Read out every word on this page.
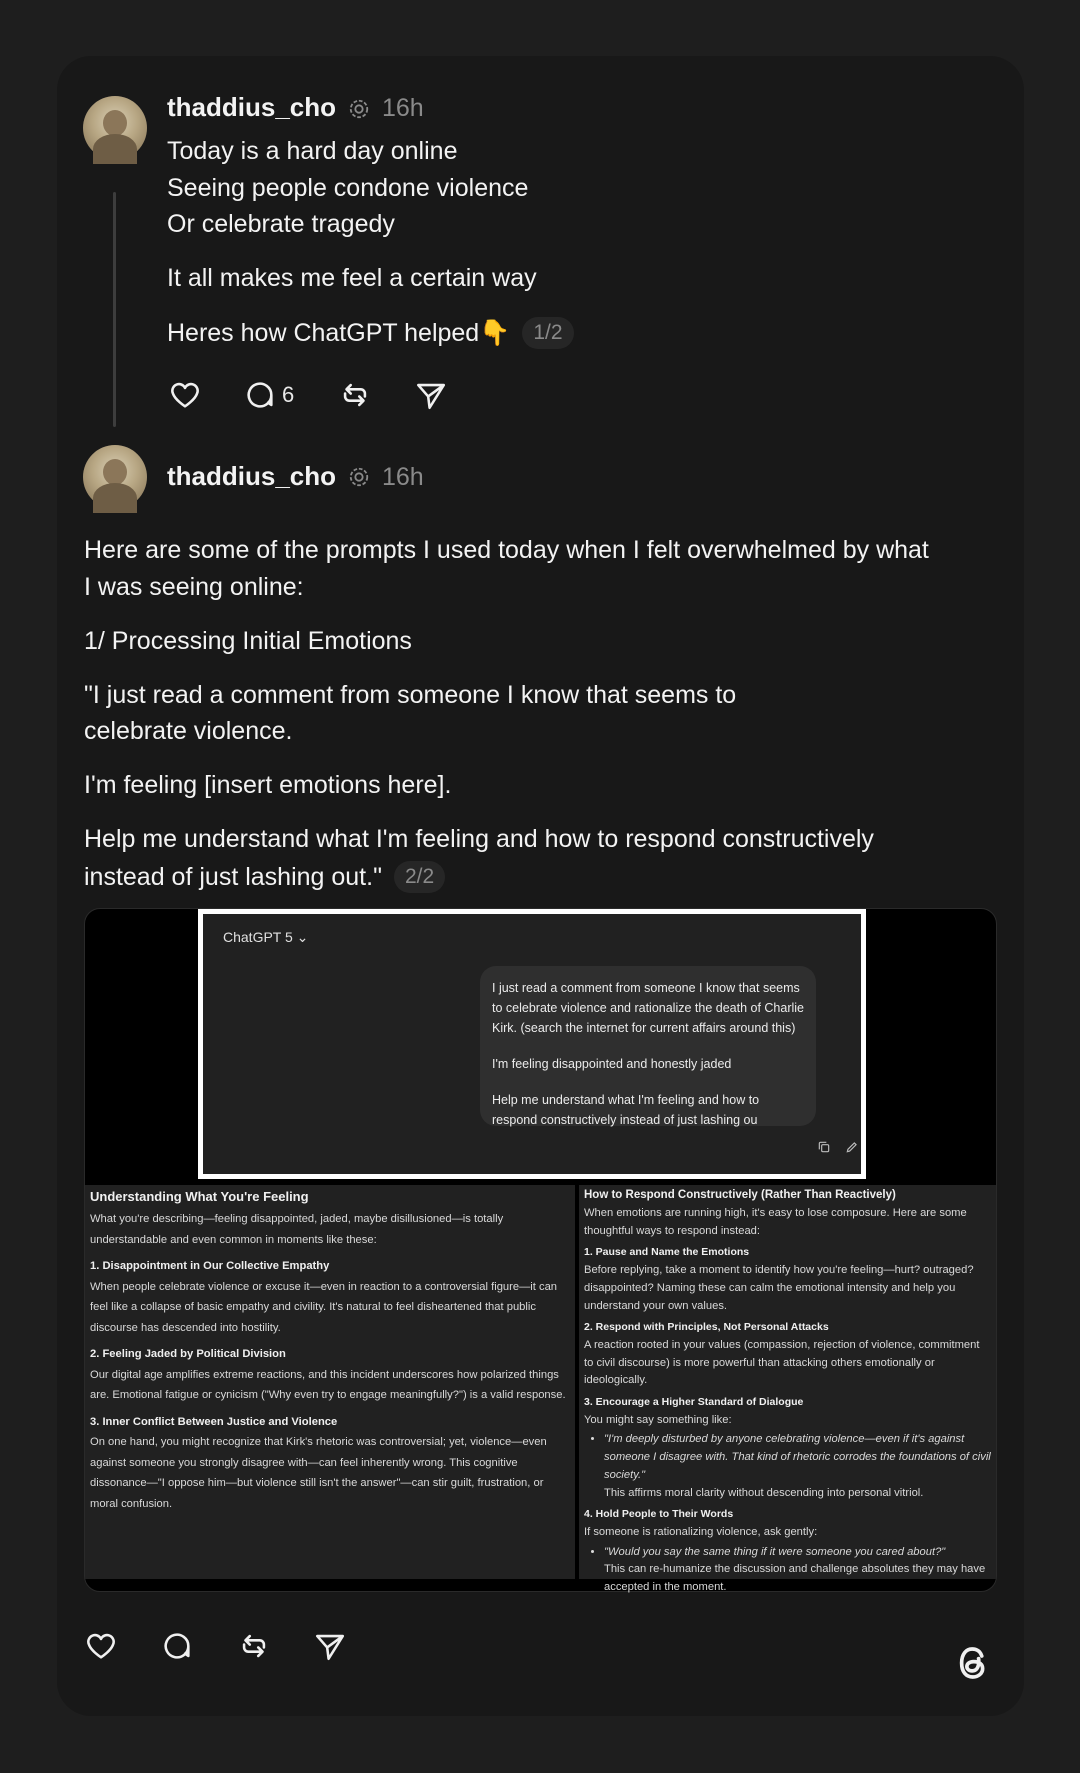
thaddius_cho 16h
Today is a hard day online
Seeing people condone violence
Or celebrate tragedy
It all makes me feel a certain way
Heres how ChatGPT helped👇 1/2
6
thaddius_cho 16h
Here are some of the prompts I used today when I felt overwhelmed by what
I was seeing online:
1/ Processing Initial Emotions
"I just read a comment from someone I know that seems to
celebrate violence.
I'm feeling [insert emotions here].
Help me understand what I'm feeling and how to respond constructively
instead of just lashing out." 2/2
ChatGPT 5 ⌄

I just read a comment from someone I know that seems to celebrate violence and rationalize the death of Charlie Kirk. (search the internet for current affairs around this)

I'm feeling disappointed and honestly jaded

Help me understand what I'm feeling and how to respond constructively instead of just lashing ou

Understanding What You're Feeling
What you're describing—feeling disappointed, jaded, maybe disillusioned—is totally understandable and even common in moments like these:
1. Disappointment in Our Collective Empathy
When people celebrate violence or excuse it—even in reaction to a controversial figure—it can feel like a collapse of basic empathy and civility. It's natural to feel disheartened that public discourse has descended into hostility.
2. Feeling Jaded by Political Division
Our digital age amplifies extreme reactions, and this incident underscores how polarized things are. Emotional fatigue or cynicism ("Why even try to engage meaningfully?") is a valid response.
3. Inner Conflict Between Justice and Violence
On one hand, you might recognize that Kirk's rhetoric was controversial; yet, violence—even against someone you strongly disagree with—can feel inherently wrong. This cognitive dissonance—"I oppose him—but violence still isn't the answer"—can stir guilt, frustration, or moral confusion.
How to Respond Constructively (Rather Than Reactively)
When emotions are running high, it's easy to lose composure. Here are some thoughtful ways to respond instead:
1. Pause and Name the Emotions
Before replying, take a moment to identify how you're feeling—hurt? outraged? disappointed? Naming these can calm the emotional intensity and help you understand your own values.
2. Respond with Principles, Not Personal Attacks
A reaction rooted in your values (compassion, rejection of violence, commitment to civil discourse) is more powerful than attacking others emotionally or ideologically.
3. Encourage a Higher Standard of Dialogue
You might say something like:
• "I'm deeply disturbed by anyone celebrating violence—even if it's against someone I disagree with. That kind of rhetoric corrodes the foundations of civil society."
This affirms moral clarity without descending into personal vitriol.
4. Hold People to Their Words
If someone is rationalizing violence, ask gently:
• "Would you say the same thing if it were someone you cared about?"
This can re-humanize the discussion and challenge absolutes they may have accepted in the moment.
